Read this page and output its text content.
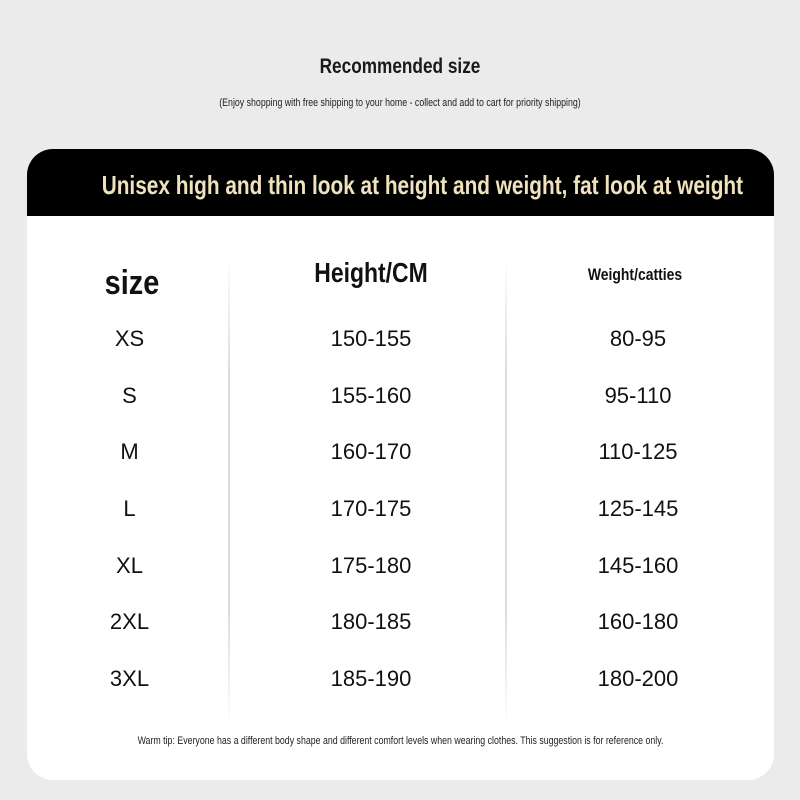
Recommended size
(Enjoy shopping with free shipping to your home - collect and add to cart for priority shipping)
Unisex high and thin look at height and weight, fat look at weight
size	Height/CM	Weight/catties
XS	150-155	80-95
S	155-160	95-110
M	160-170	110-125
L	170-175	125-145
XL	175-180	145-160
2XL	180-185	160-180
3XL	185-190	180-200
Warm tip: Everyone has a different body shape and different comfort levels when wearing clothes. This suggestion is for reference only.
